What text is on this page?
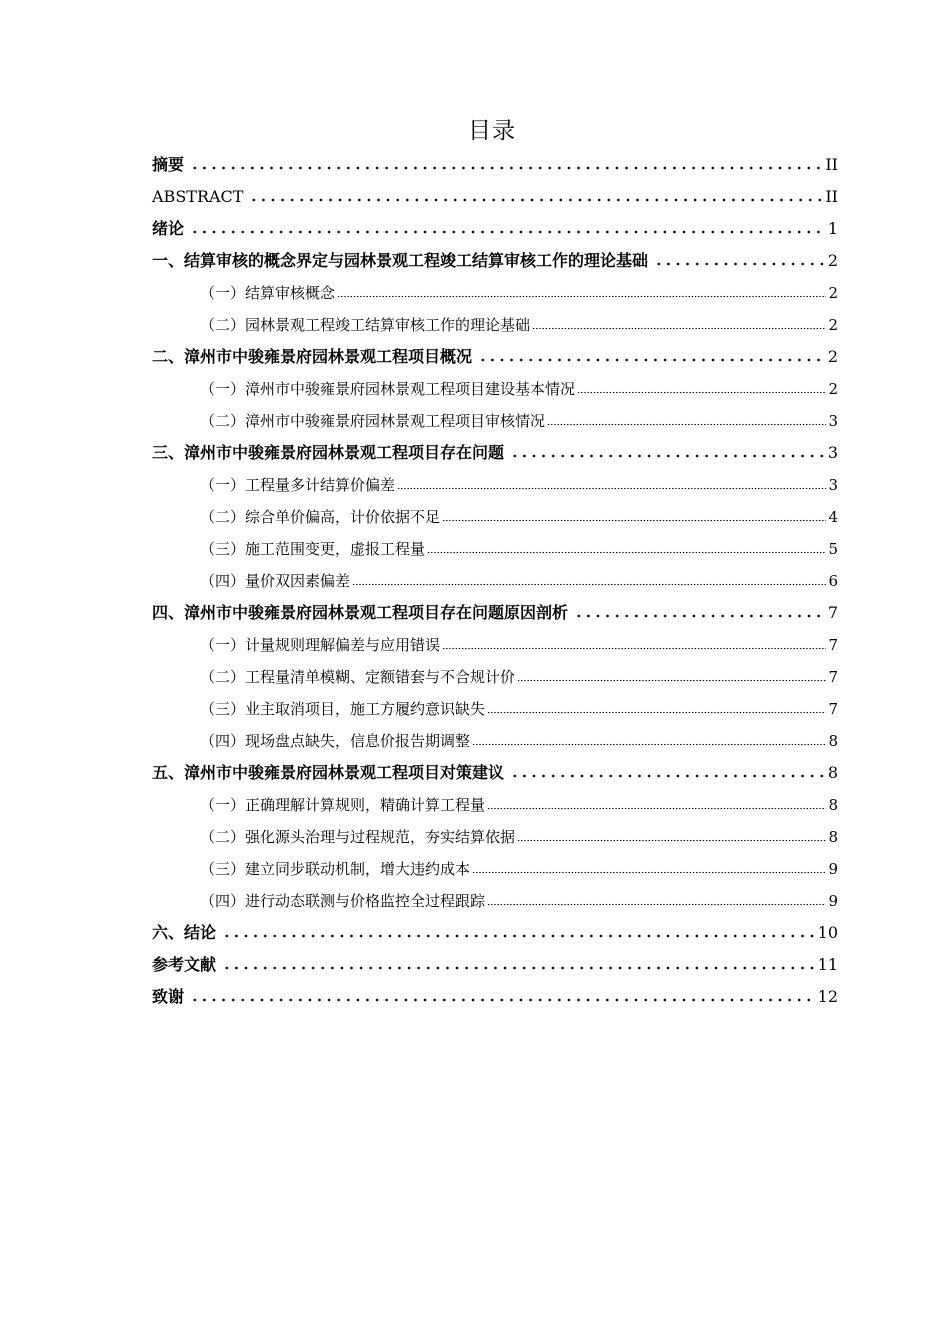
目录
摘要	II
ABSTRACT	II
绪论	1
一、结算审核的概念界定与园林景观工程竣工结算审核工作的理论基础	2
（一）结算审核概念	2
（二）园林景观工程竣工结算审核工作的理论基础	2
二、漳州市中骏雍景府园林景观工程项目概况	2
（一）漳州市中骏雍景府园林景观工程项目建设基本情况	2
（二）漳州市中骏雍景府园林景观工程项目审核情况	3
三、漳州市中骏雍景府园林景观工程项目存在问题	3
（一）工程量多计结算价偏差	3
（二）综合单价偏高，计价依据不足	4
（三）施工范围变更，虚报工程量	5
（四）量价双因素偏差	6
四、漳州市中骏雍景府园林景观工程项目存在问题原因剖析	7
（一）计量规则理解偏差与应用错误	7
（二）工程量清单模糊、定额错套与不合规计价	7
（三）业主取消项目，施工方履约意识缺失	7
（四）现场盘点缺失，信息价报告期调整	8
五、漳州市中骏雍景府园林景观工程项目对策建议	8
（一）正确理解计算规则，精确计算工程量	8
（二）强化源头治理与过程规范，夯实结算依据	8
（三）建立同步联动机制，增大违约成本	9
（四）进行动态联测与价格监控全过程跟踪	9
六、结论	10
参考文献	11
致谢	12
